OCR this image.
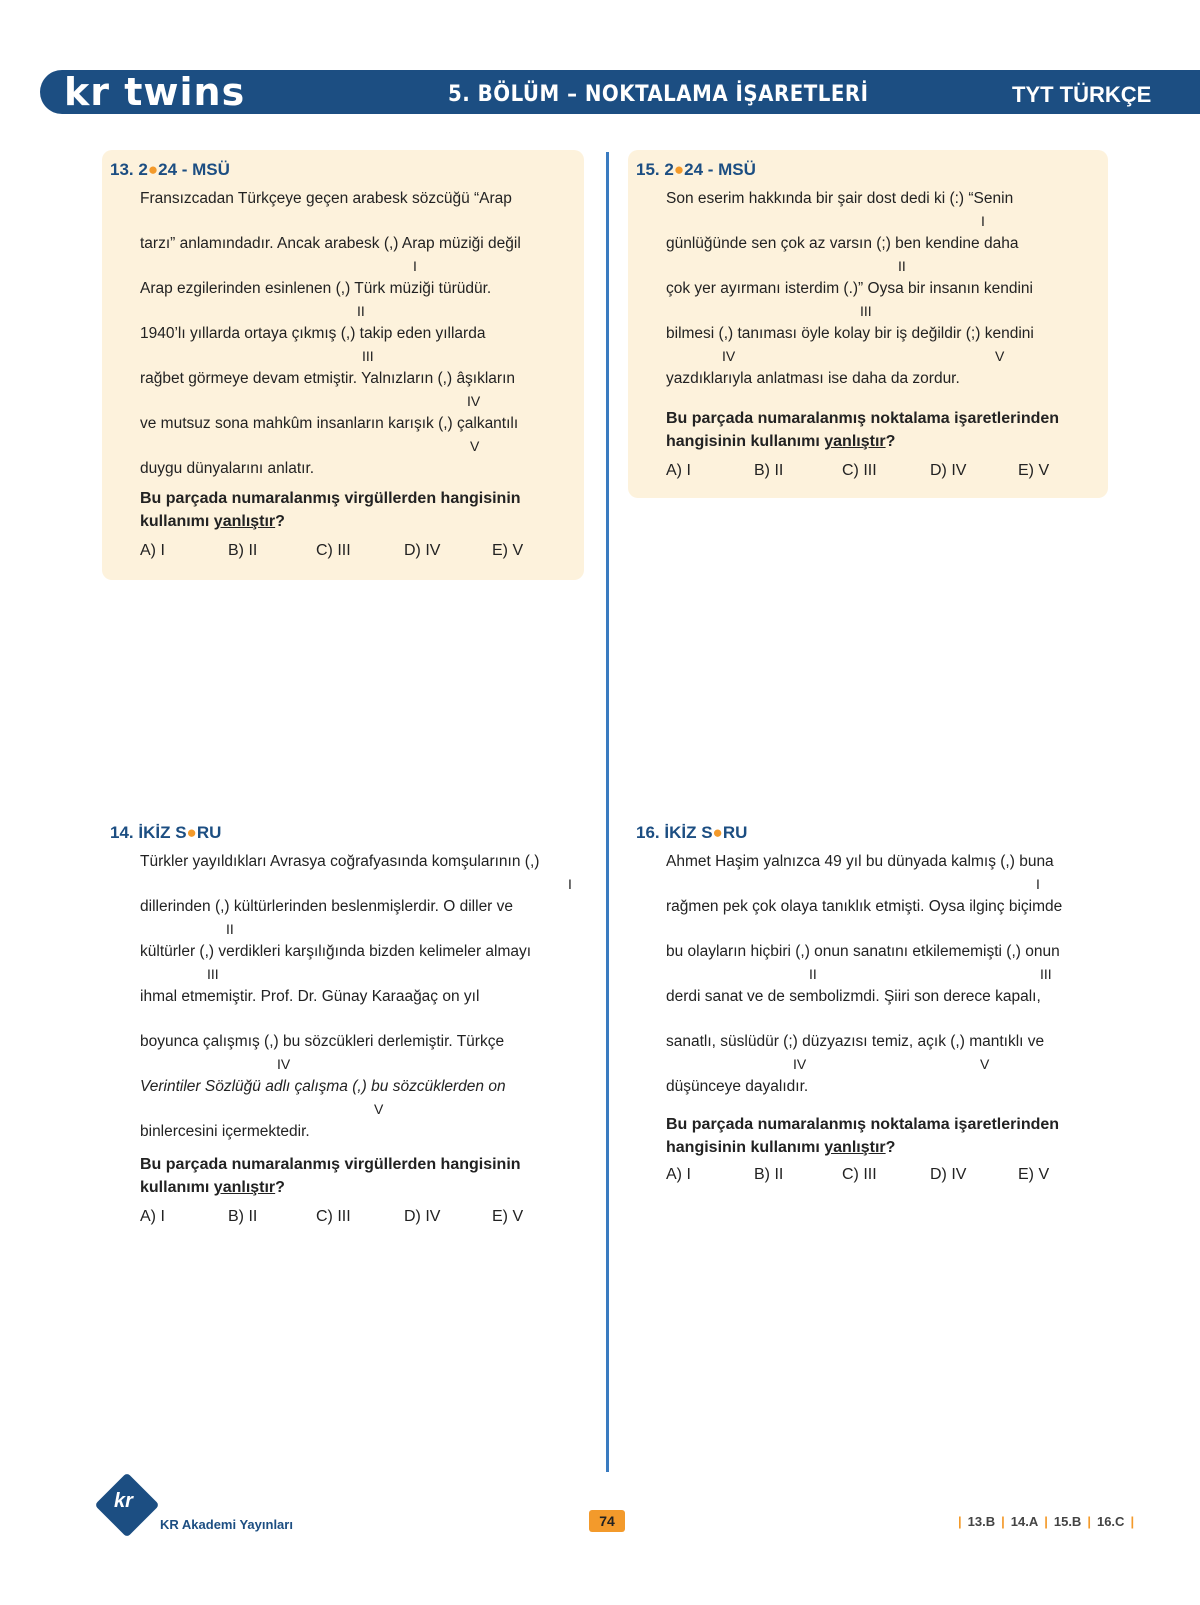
kr twins	5. BÖLÜM – NOKTALAMA İŞARETLERİ	TYT TÜRKÇE
13. 2●24 - MSÜ
Fransızcadan Türkçeye geçen arabesk sözcüğü “Arap
tarzı” anlamındadır. Ancak arabesk (,) Arap müziği değil
I
Arap ezgilerinden esinlenen (,) Türk müziği türüdür.
II
1940’lı yıllarda ortaya çıkmış (,) takip eden yıllarda
III
rağbet görmeye devam etmiştir. Yalnızların (,) âşıkların
IV
ve mutsuz sona mahkûm insanların karışık (,) çalkantılı
V
duygu dünyalarını anlatır.
Bu parçada numaralanmış virgüllerden hangisinin kullanımı yanlıştır?
A) I	B) II	C) III	D) IV	E) V
15. 2●24 - MSÜ
Son eserim hakkında bir şair dost dedi ki (:) “Senin
I
günlüğünde sen çok az varsın (;) ben kendine daha
II
çok yer ayırmanı isterdim (.)” Oysa bir insanın kendini
III
bilmesi (,) tanıması öyle kolay bir iş değildir (;) kendini
IV	V
yazdıklarıyla anlatması ise daha da zordur.
Bu parçada numaralanmış noktalama işaretlerinden hangisinin kullanımı yanlıştır?
A) I	B) II	C) III	D) IV	E) V
14. İKİZ S●RU
Türkler yayıldıkları Avrasya coğrafyasında komşularının (,)
I
dillerinden (,) kültürlerinden beslenmişlerdir. O diller ve
II
kültürler (,) verdikleri karşılığında bizden kelimeler almayı
III
ihmal etmemiştir. Prof. Dr. Günay Karaağaç on yıl
boyunca çalışmış (,) bu sözcükleri derlemiştir. Türkçe
IV
Verintiler Sözlüğü adlı çalışma (,) bu sözcüklerden on
V
binlercesini içermektedir.
Bu parçada numaralanmış virgüllerden hangisinin kullanımı yanlıştır?
A) I	B) II	C) III	D) IV	E) V
16. İKİZ S●RU
Ahmet Haşim yalnızca 49 yıl bu dünyada kalmış (,) buna
I
rağmen pek çok olaya tanıklık etmişti. Oysa ilginç biçimde
bu olayların hiçbiri (,) onun sanatını etkilememişti (,) onun
II	III
derdi sanat ve de sembolizmdi. Şiiri son derece kapalı,
sanatlı, süslüdür (;) düzyazısı temiz, açık (,) mantıklı ve
IV	V
düşünceye dayalıdır.
Bu parçada numaralanmış noktalama işaretlerinden hangisinin kullanımı yanlıştır?
A) I	B) II	C) III	D) IV	E) V
kr
KR Akademi Yayınları	74	| 13.B | 14.A | 15.B | 16.C |
